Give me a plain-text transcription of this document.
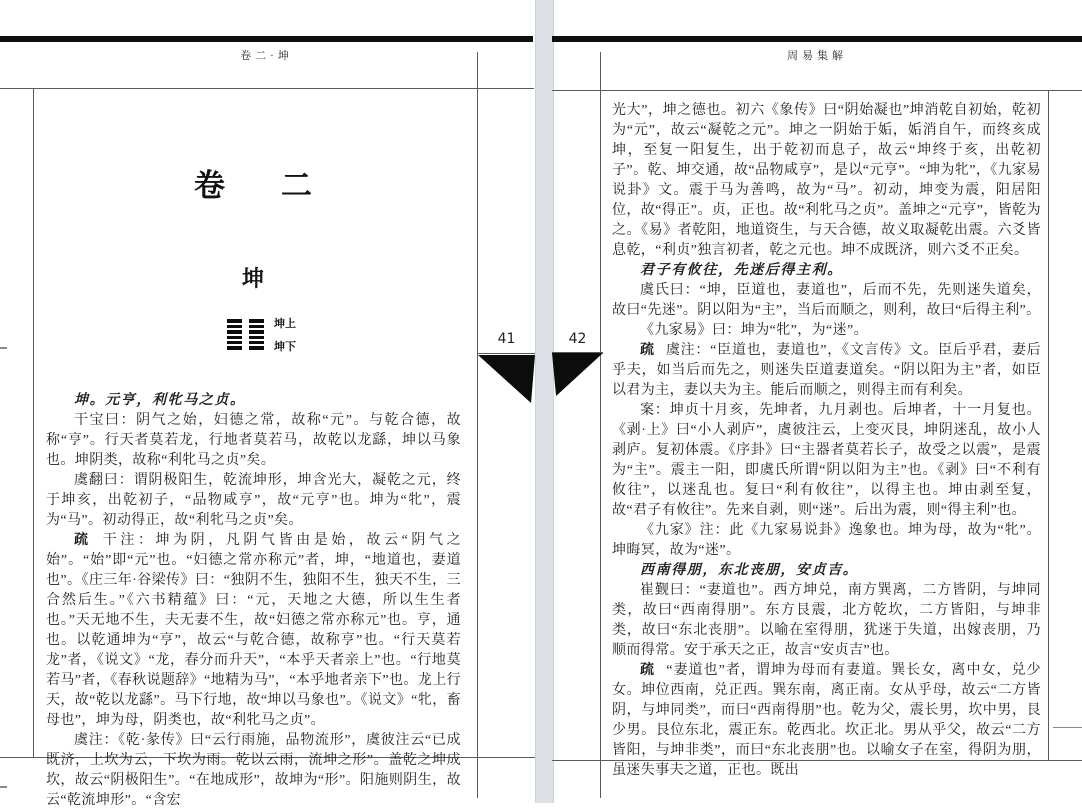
卷二·坤	周易集解
41	42
卷 二
坤
坤上
坤下

坤。元亨，利牝马之贞。

干宝曰：阴气之始，妇德之常，故称“元”。与乾合德，故称“亨”。行天者莫若龙，行地者莫若马，故乾以龙繇，坤以马象也。坤阴类，故称“利牝马之贞”矣。

虞翻曰：谓阴极阳生，乾流坤形，坤含光大，凝乾之元，终于坤亥，出乾初子，“品物咸亨”，故“元亨”也。坤为“牝”，震为“马”。初动得正，故“利牝马之贞”矣。

疏 干注：坤为阴，凡阴气皆由是始，故云“阴气之始”。“始”即“元”也。“妇德之常亦称元”者，坤，“地道也，妻道也”。《庄三年·谷梁传》曰：“独阴不生，独阳不生，独天不生，三合然后生。”《六书精蕴》曰：“元，天地之大德，所以生生者也。”天无地不生，夫无妻不生，故“妇德之常亦称元”也。亨，通也。以乾通坤为“亨”，故云“与乾合德，故称亨”也。“行天莫若龙”者，《说文》“龙，春分而升天”，“本乎天者亲上”也。“行地莫若马”者，《春秋说题辞》“地精为马”，“本乎地者亲下”也。龙上行天，故“乾以龙繇”。马下行地，故“坤以马象也”。《说文》“牝，畜母也”，坤为母，阴类也，故“利牝马之贞”。

虞注：《乾·彖传》曰“云行雨施，品物流形”，虞彼注云“已成既济，上坎为云，下坎为雨。乾以云雨，流坤之形”。盖乾之坤成坎，故云“阴极阳生”。“在地成形”，故坤为“形”。阳施则阴生，故云“乾流坤形”。“含宏

光大”，坤之德也。初六《象传》曰“阴始凝也”坤消乾自初始，乾初为“元”，故云“凝乾之元”。坤之一阴始于姤，姤消自午，而终亥成坤，至复一阳复生，出于乾初而息子，故云“坤终于亥，出乾初子”。乾、坤交通，故“品物咸亨”，是以“元亨”。“坤为牝”，《九家易说卦》文。震于马为善鸣，故为“马”。初动，坤变为震，阳居阳位，故“得正”。贞，正也。故“利牝马之贞”。盖坤之“元亨”，皆乾为之。《易》者乾阳，地道资生，与天合德，故义取凝乾出震。六爻皆息乾，“利贞”独言初者，乾之元也。坤不成既济，则六爻不正矣。

君子有攸往，先迷后得主利。

虞氏曰：“坤，臣道也，妻道也”，后而不先，先则迷失道矣，故曰“先迷”。阴以阳为“主”，当后而顺之，则利，故曰“后得主利”。

《九家易》曰：坤为“牝”，为“迷”。

疏 虞注：“臣道也，妻道也”，《文言传》文。臣后乎君，妻后乎夫，如当后而先之，则迷失臣道妻道矣。“阴以阳为主”者，如臣以君为主，妻以夫为主。能后而顺之，则得主而有利矣。

案：坤贞十月亥，先坤者，九月剥也。后坤者，十一月复也。《剥·上》曰“小人剥庐”，虞彼注云，上变灭艮，坤阴迷乱，故小人剥庐。复初体震。《序卦》曰“主器者莫若长子，故受之以震”，是震为“主”。震主一阳，即虞氏所谓“阴以阳为主”也。《剥》曰“不利有攸往”，以迷乱也。复曰“利有攸往”，以得主也。坤由剥至复，故“君子有攸往”。先来自剥，则“迷”。后出为震，则“得主利”也。

《九家》注：此《九家易说卦》逸象也。坤为母，故为“牝”。坤晦冥，故为“迷”。

西南得朋，东北丧朋，安贞吉。

崔觐曰：“妻道也”。西方坤兑，南方巽离，二方皆阴，与坤同类，故曰“西南得朋”。东方艮震，北方乾坎，二方皆阳，与坤非类，故曰“东北丧朋”。以喻在室得朋，犹迷于失道，出嫁丧朋，乃顺而得常。安于承天之正，故言“安贞吉”也。

疏 “妻道也”者，谓坤为母而有妻道。巽长女，离中女，兑少女。坤位西南，兑正西。巽东南，离正南。女从乎母，故云“二方皆阴，与坤同类”，而曰“西南得朋”也。乾为父，震长男，坎中男，艮少男。艮位东北，震正东。乾西北。坎正北。男从乎父，故云“二方皆阳，与坤非类”，而曰“东北丧朋”也。以喻女子在室，得阴为朋，虽迷失事夫之道，正也。既出
